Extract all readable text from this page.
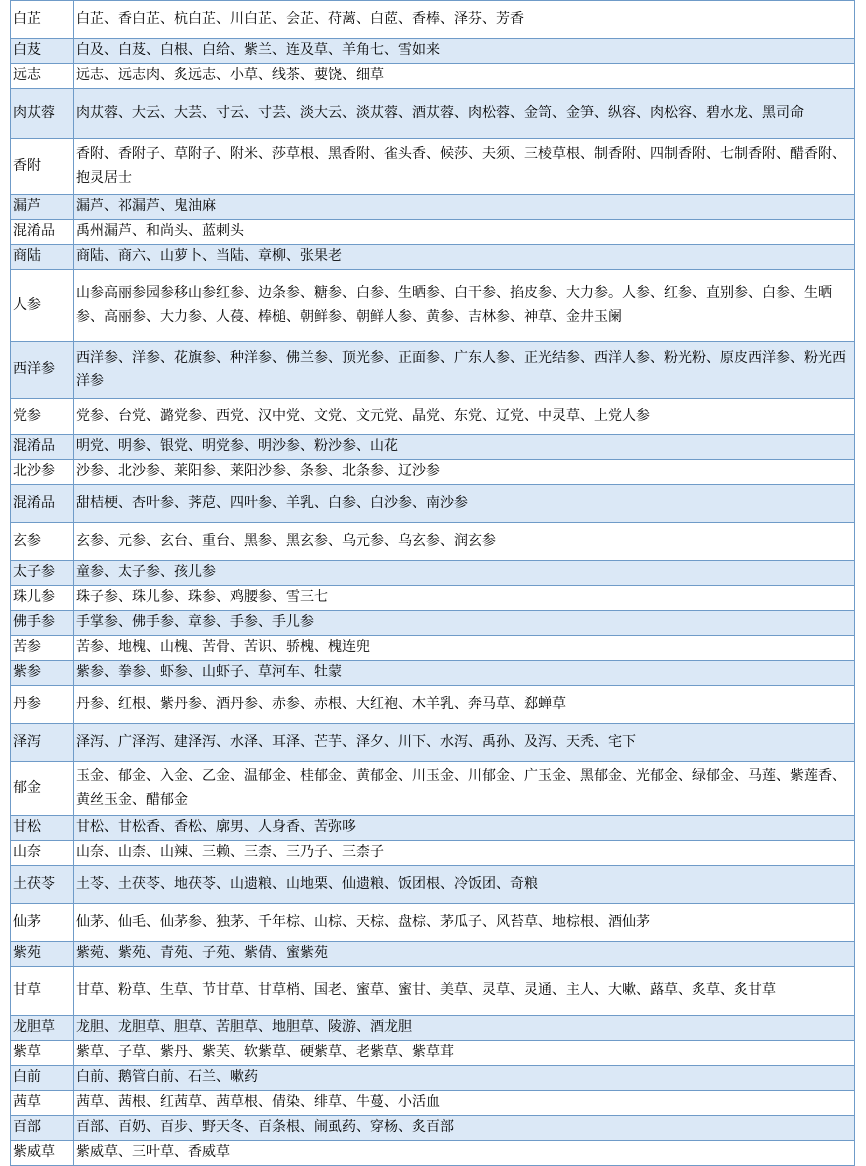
白芷	白芷、香白芷、杭白芷、川白芷、会芷、苻蓠、白茝、香棒、泽芬、芳香
白芨	白及、白芨、白根、白给、紫兰、连及草、羊角七、雪如来
远志	远志、远志肉、炙远志、小草、线茶、葽饶、细草
肉苁蓉	肉苁蓉、大云、大芸、寸云、寸芸、淡大云、淡苁蓉、酒苁蓉、肉松蓉、金笥、金笋、纵容、肉松容、碧水龙、黑司命
香附	香附、香附子、草附子、附米、莎草根、黑香附、雀头香、候莎、夫须、三棱草根、制香附、四制香附、七制香附、醋香附、抱灵居士
漏芦	漏芦、祁漏芦、鬼油麻
混淆品	禹州漏芦、和尚头、蓝刺头
商陆	商陆、商六、山萝卜、当陆、章柳、张果老
人参	山参高丽参园参移山参红参、边条参、糖参、白参、生晒参、白干参、掐皮参、大力参。人参、红参、直别参、白参、生晒参、高丽参、大力参、人葠、棒槌、朝鲜参、朝鲜人参、黄参、吉林参、神草、金井玉阑
西洋参	西洋参、洋参、花旗参、种洋参、佛兰参、顶光参、正面参、广东人参、正光结参、西洋人参、粉光粉、原皮西洋参、粉光西洋参
党参	党参、台党、潞党参、西党、汉中党、文党、文元党、晶党、东党、辽党、中灵草、上党人参
混淆品	明党、明参、银党、明党参、明沙参、粉沙参、山花
北沙参	沙参、北沙参、莱阳参、莱阳沙参、条参、北条参、辽沙参
混淆品	甜桔梗、杏叶参、荠苨、四叶参、羊乳、白参、白沙参、南沙参
玄参	玄参、元参、玄台、重台、黑参、黑玄参、乌元参、乌玄参、润玄参
太子参	童参、太子参、孩儿参
珠儿参	珠子参、珠儿参、珠参、鸡腰参、雪三七
佛手参	手掌参、佛手参、章参、手参、手儿参
苦参	苦参、地槐、山槐、苦骨、苦识、骄槐、槐连兜
紫参	紫参、拳参、虾参、山虾子、草河车、牡蒙
丹参	丹参、红根、紫丹参、酒丹参、赤参、赤根、大红袍、木羊乳、奔马草、郄蝉草
泽泻	泽泻、广泽泻、建泽泻、水泽、耳泽、芒芋、泽夕、川下、水泻、禹孙、及泻、天秃、宅下
郁金	玉金、郁金、入金、乙金、温郁金、桂郁金、黄郁金、川玉金、川郁金、广玉金、黑郁金、光郁金、绿郁金、马莲、紫莲香、黄丝玉金、醋郁金
甘松	甘松、甘松香、香松、廓男、人身香、苦弥哆
山奈	山奈、山柰、山辣、三赖、三柰、三乃子、三柰子
土茯苓	土苓、土茯苓、地茯苓、山遗粮、山地栗、仙遗粮、饭团根、冷饭团、奇粮
仙茅	仙茅、仙毛、仙茅参、独茅、千年棕、山棕、天棕、盘棕、茅瓜子、风苔草、地棕根、酒仙茅
紫苑	紫菀、紫苑、青苑、子苑、紫倩、蜜紫苑
甘草	甘草、粉草、生草、节甘草、甘草梢、国老、蜜草、蜜甘、美草、灵草、灵通、主人、大嗽、蕗草、炙草、炙甘草
龙胆草	龙胆、龙胆草、胆草、苦胆草、地胆草、陵游、酒龙胆
紫草	紫草、子草、紫丹、紫芙、软紫草、硬紫草、老紫草、紫草茸
白前	白前、鹅管白前、石兰、嗽药
茜草	茜草、茜根、红茜草、茜草根、倩染、绯草、牛蔓、小活血
百部	百部、百奶、百步、野天冬、百条根、闹虱药、穿杨、炙百部
紫威草	紫威草、三叶草、香威草
